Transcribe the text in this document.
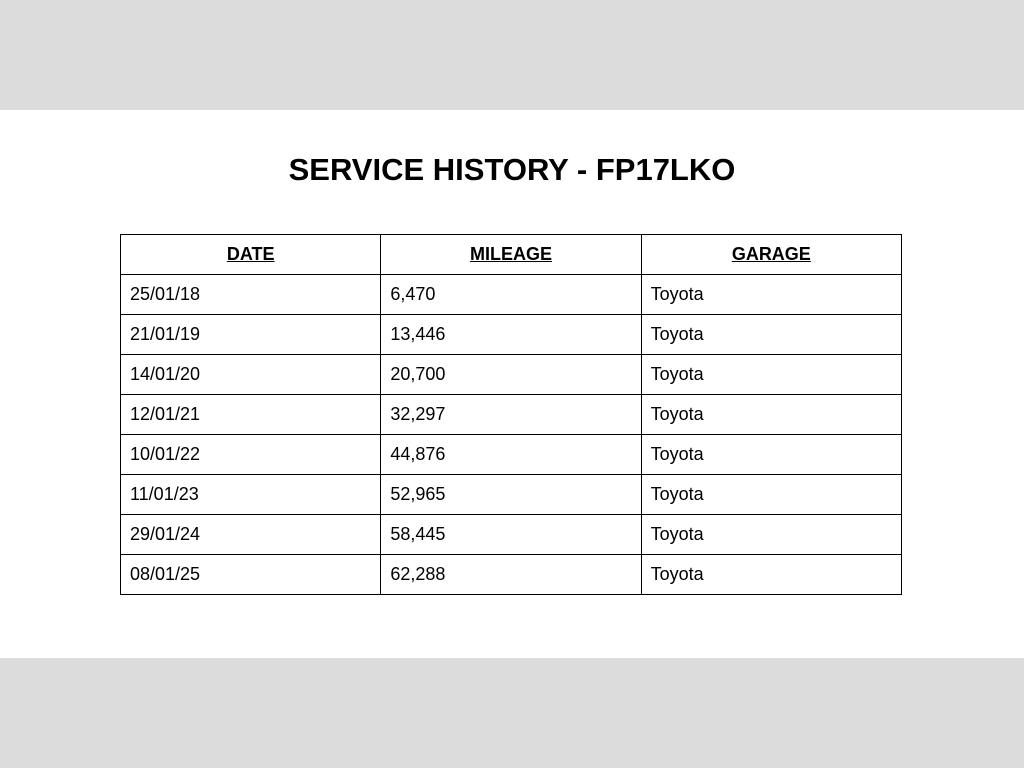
SERVICE HISTORY - FP17LKO
DATE	MILEAGE	GARAGE
25/01/18	6,470	Toyota
21/01/19	13,446	Toyota
14/01/20	20,700	Toyota
12/01/21	32,297	Toyota
10/01/22	44,876	Toyota
11/01/23	52,965	Toyota
29/01/24	58,445	Toyota
08/01/25	62,288	Toyota
